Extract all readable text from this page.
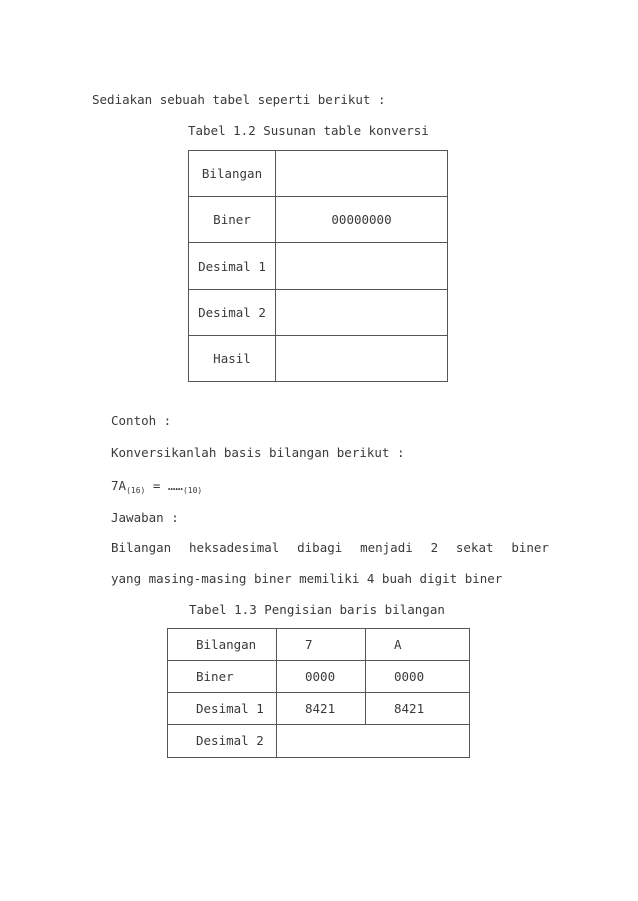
Sediakan sebuah tabel seperti berikut :
Tabel 1.2 Susunan table konversi
Bilangan	
Biner	00000000
Desimal 1	
Desimal 2	
Hasil	
Contoh :
Konversikanlah basis bilangan berikut :
$7A_{(16)}$ = $\dots\dots_{(10)}$
Jawaban :
Bilangan heksadesimal dibagi menjadi 2 sekat biner
yang masing-masing biner memiliki 4 buah digit biner
Tabel 1.3 Pengisian baris bilangan
Bilangan	7	A
Biner	0000	0000
Desimal 1	8421	8421
Desimal 2		
